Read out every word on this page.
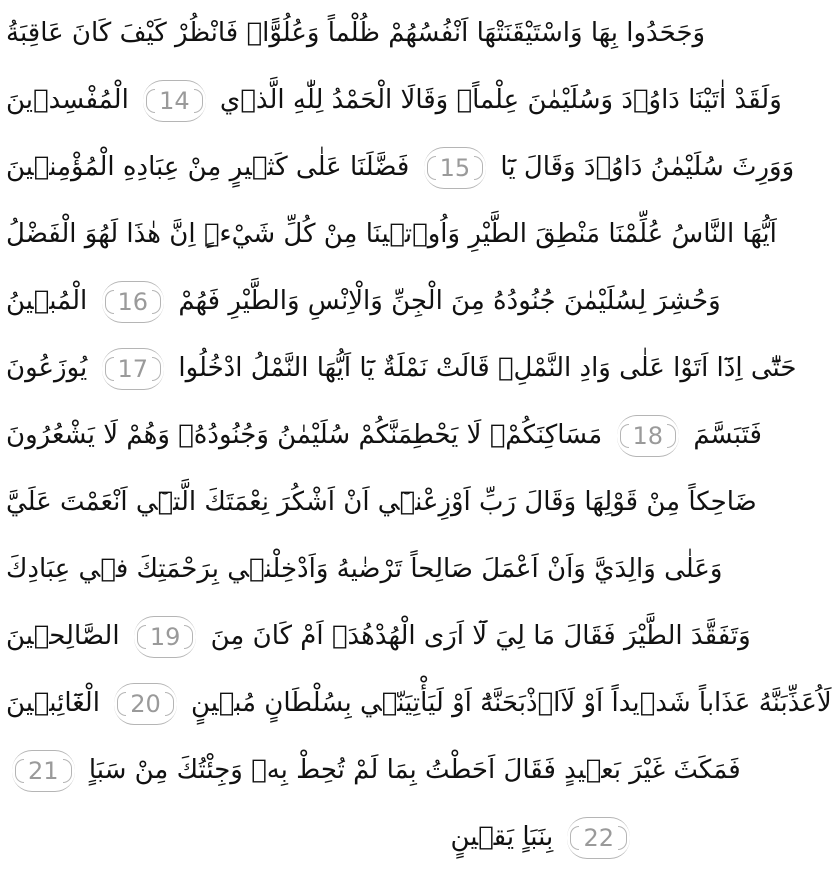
وَجَحَدُوا بِهَا وَاسْتَيْقَنَتْهَا اَنْفُسُهُمْ ظُلْماً وَعُلُوًّاۜ فَانْظُرْ كَيْفَ كَانَ عَاقِبَةُ
الْمُفْسِد۪ينَ 14 وَلَقَدْ اٰتَيْنَا دَاوُ۫دَ وَسُلَيْمٰنَ عِلْماًۚ وَقَالَا الْحَمْدُ لِلّٰهِ الَّذ۪ي
فَضَّلَنَا عَلٰى كَث۪يرٍ مِنْ عِبَادِهِ الْمُؤْمِن۪ينَ 15 وَوَرِثَ سُلَيْمٰنُ دَاوُ۫دَ وَقَالَ يَٓا
اَيُّهَا النَّاسُ عُلِّمْنَا مَنْطِقَ الطَّيْرِ وَاُو۫ت۪ينَا مِنْ كُلِّ شَيْءٍۜ اِنَّ هٰذَا لَهُوَ الْفَضْلُ
الْمُب۪ينُ 16 وَحُشِرَ لِسُلَيْمٰنَ جُنُودُهُ مِنَ الْجِنِّ وَالْاِنْسِ وَالطَّيْرِ فَهُمْ
يُوزَعُونَ 17 حَتّٰٓى اِذَٓا اَتَوْا عَلٰى وَادِ النَّمْلِۙ قَالَتْ نَمْلَةٌ يَٓا اَيُّهَا النَّمْلُ ادْخُلُوا
مَسَاكِنَكُمْۚ لَا يَحْطِمَنَّكُمْ سُلَيْمٰنُ وَجُنُودُهُۙ وَهُمْ لَا يَشْعُرُونَ 18 فَتَبَسَّمَ
ضَاحِكاً مِنْ قَوْلِهَا وَقَالَ رَبِّ اَوْزِعْن۪ٓي اَنْ اَشْكُرَ نِعْمَتَكَ الَّت۪ٓي اَنْعَمْتَ عَلَيَّ
وَعَلٰى وَالِدَيَّ وَاَنْ اَعْمَلَ صَالِحاً تَرْضٰيهُ وَاَدْخِلْن۪ي بِرَحْمَتِكَ ف۪ي عِبَادِكَ
الصَّالِح۪ينَ 19 وَتَفَقَّدَ الطَّيْرَ فَقَالَ مَا لِيَ لَٓا اَرَى الْهُدْهُدَۘ اَمْ كَانَ مِنَ
الْغَٓائِب۪ينَ 20 لَاُعَذِّبَنَّهُ عَذَاباً شَد۪يداً اَوْ لَاَا۬ذْبَحَنَّهُٓ اَوْ لَيَأْتِيَنّ۪ي بِسُلْطَانٍ مُب۪ينٍ
21 فَمَكَثَ غَيْرَ بَع۪يدٍ فَقَالَ اَحَطْتُ بِمَا لَمْ تُحِطْ بِه۪ وَجِئْتُكَ مِنْ سَبَاٍ
بِنَبَاٍ يَق۪ينٍ 22
